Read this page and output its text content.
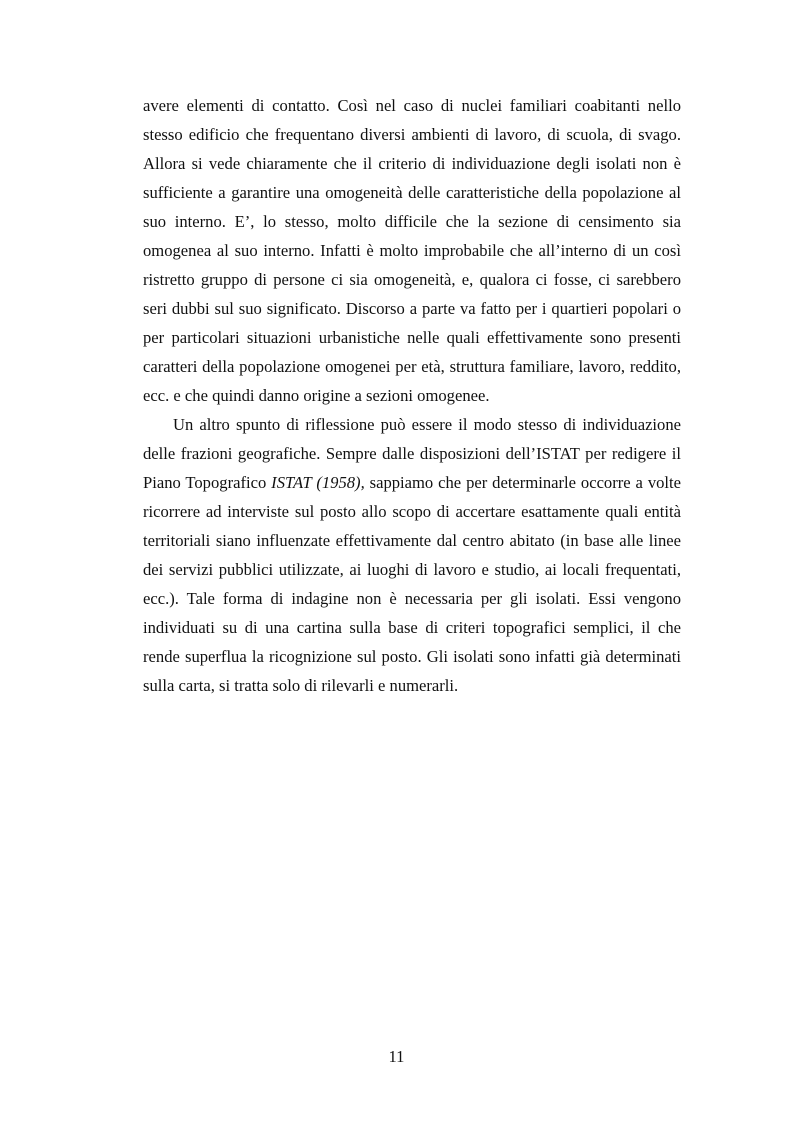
avere elementi di contatto. Così nel caso di nuclei familiari coabitanti nello stesso edificio che frequentano diversi ambienti di lavoro, di scuola, di svago. Allora si vede chiaramente che il criterio di individuazione degli isolati non è sufficiente a garantire una omogeneità delle caratteristiche della popolazione al suo interno. E’, lo stesso, molto difficile che la sezione di censimento sia omogenea al suo interno. Infatti è molto improbabile che all’interno di un così ristretto gruppo di persone ci sia omogeneità, e, qualora ci fosse, ci sarebbero seri dubbi sul suo significato. Discorso a parte va fatto per i quartieri popolari o per particolari situazioni urbanistiche nelle quali effettivamente sono presenti caratteri della popolazione omogenei per età, struttura familiare, lavoro, reddito, ecc. e che quindi danno origine a sezioni omogenee.

Un altro spunto di riflessione può essere il modo stesso di individuazione delle frazioni geografiche. Sempre dalle disposizioni dell’ISTAT per redigere il Piano Topografico ISTAT (1958), sappiamo che per determinarle occorre a volte ricorrere ad interviste sul posto allo scopo di accertare esattamente quali entità territoriali siano influenzate effettivamente dal centro abitato (in base alle linee dei servizi pubblici utilizzate, ai luoghi di lavoro e studio, ai locali frequentati, ecc.). Tale forma di indagine non è necessaria per gli isolati. Essi vengono individuati su di una cartina sulla base di criteri topografici semplici, il che rende superflua la ricognizione sul posto. Gli isolati sono infatti già determinati sulla carta, si tratta solo di rilevarli e numerarli.

11
